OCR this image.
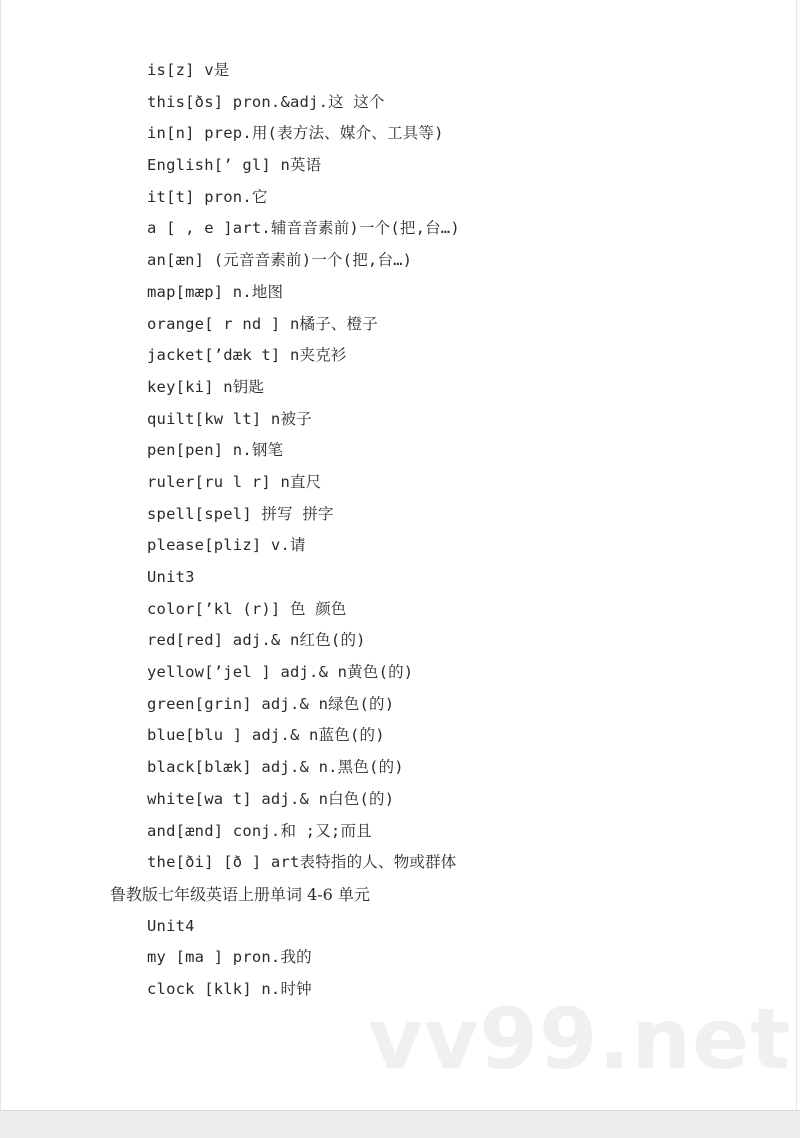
is[z] v是
this[ðs] pron.&adj.这 这个
in[n] prep.用(表方法、媒介、工具等)
English[’ gl] n英语
it[t] pron.它
a [ , e ]art.辅音音素前)一个(把,台…)
an[æn] (元音音素前)一个(把,台…)
map[mæp] n.地图
orange[ r nd ] n橘子、橙子
jacket[’dæk t] n夹克衫
key[ki] n钥匙
quilt[kw lt] n被子
pen[pen] n.钢笔
ruler[ru l r] n直尺
spell[spel] 拼写 拼字
please[pliz] v.请
Unit3
color[’kl (r)] 色 颜色
red[red] adj.& n红色(的)
yellow[’jel ] adj.& n黄色(的)
green[grin] adj.& n绿色(的)
blue[blu ] adj.& n蓝色(的)
black[blæk] adj.& n.黑色(的)
white[wa t] adj.& n白色(的)
and[ænd] conj.和 ;又;而且
the[ði] [ð ] art表特指的人、物或群体
鲁教版七年级英语上册单词 4-6 单元
Unit4
my [ma ] pron.我的
clock [klk] n.时钟
vv99.net
